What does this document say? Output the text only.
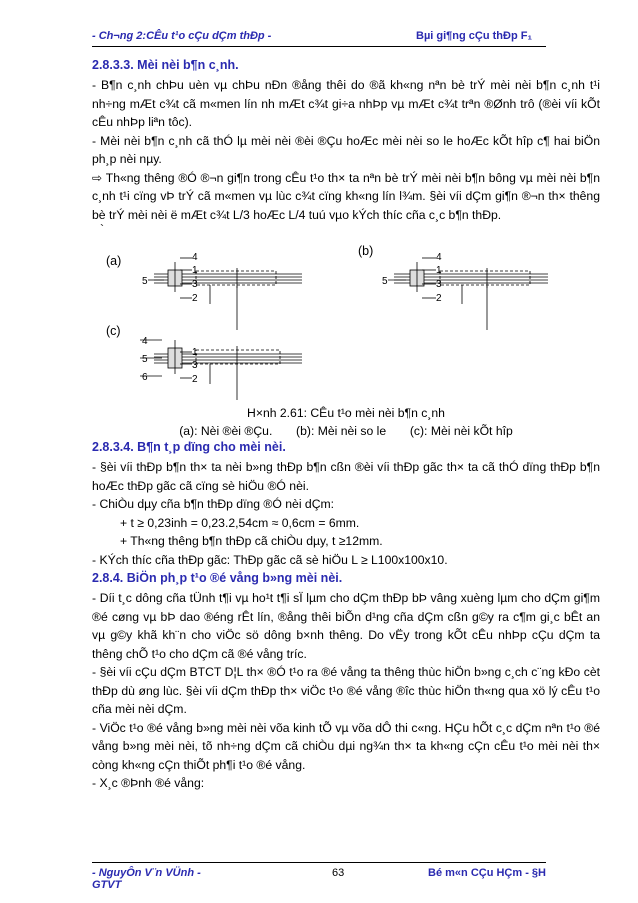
- Ch¬ng 2:CÊu t¹o cÇu dÇm thÐp -	Bµi gi¶ng cÇu thÐp F₁
2.8.3.3. Mèi nèi b¶n c¸nh.

- B¶n c¸nh chÞu uèn vµ chÞu nÐn ®ång thêi do ®ã kh«ng nªn bè trÝ mèi nèi b¶n c¸nh t¹i nh÷ng mÆt c¾t cã m«men lín nh mÆt c¾t gi÷a nhÞp vµ mÆt c¾t trªn ®Ønh trô (®èi víi kÕt cÊu nhÞp liªn tôc).

- Mèi nèi b¶n c¸nh cã thÓ lµ mèi nèi ®èi ®Çu hoÆc mèi nèi so le hoÆc kÕt hîp c¶ hai biÖn ph¸p nèi nµy.

⇨ Th«ng thêng ®Ó ®¬n gi¶n trong cÊu t¹o th× ta nªn bè trÝ mèi nèi b¶n bông vµ mèi nèi b¶n c¸nh t¹i cïng vÞ trÝ cã m«men vµ lùc c¾t cïng kh«ng lín l¾m. §èi víi dÇm gi¶n ®¬n th× thêng bè trÝ mèi nèi ë mÆt c¾t L/3 hoÆc L/4 tuú vµo kÝch thíc cña c¸c b¶n thÐp.

`

(a)
(b)
(c)
4
1
3
2
5
4
1
3
2
5
4
5
6
1
3
2
H×nh 2.61: CÊu t¹o mèi nèi b¶n c¸nh
(a): Nèi ®èi ®Çu.       (b): Mèi nèi so le       (c): Mèi nèi kÕt hîp
2.8.3.4. B¶n t¸p dïng cho mèi nèi.

- §èi víi thÐp b¶n th× ta nèi b»ng thÐp b¶n cßn ®èi víi thÐp gãc th× ta cã thÓ dïng thÐp b¶n hoÆc thÐp gãc cã cïng sè hiÖu ®Ó nèi.

- ChiÒu dµy cña b¶n thÐp dïng ®Ó nèi dÇm:

+ t ≥ 0,23inh = 0,23.2,54cm ≈ 0,6cm = 6mm.

+ Th«ng thêng b¶n thÐp cã chiÒu dµy, t ≥12mm.

- KÝch thíc cña thÐp gãc: ThÐp gãc cã sè hiÖu L ≥ L100x100x10.

2.8.4. BiÖn ph¸p t¹o ®é vång b»ng mèi nèi.

- Díi t¸c dông cña tÜnh t¶i vµ ho¹t t¶i sÏ lµm cho dÇm thÐp bÞ vâng xuèng lµm cho dÇm gi¶m ®é cøng vµ bÞ dao ®éng rÊt lín, ®ång thêi biÕn d¹ng cña dÇm cßn g©y ra c¶m gi¸c bÊt an vµ g©y khã kh¨n cho viÖc sö dông b×nh thêng. Do vËy trong kÕt cÊu nhÞp cÇu dÇm ta thêng chÕ t¹o cho dÇm cã ®é vång tríc.

- §èi víi cÇu dÇm BTCT D¦L th× ®Ó t¹o ra ®é vång ta thêng thùc hiÖn b»ng c¸ch c¨ng kÐo cèt thÐp dù øng lùc. §èi víi dÇm thÐp th× viÖc t¹o ®é vång ®îc thùc hiÖn th«ng qua xö lý cÊu t¹o cña mèi nèi dÇm.

- ViÖc t¹o ®é vång b»ng mèi nèi võa kinh tÕ vµ võa dÔ thi c«ng. HÇu hÕt c¸c dÇm nªn t¹o ®é vång b»ng mèi nèi, tõ nh÷ng dÇm cã chiÒu dµi ng¾n th× ta kh«ng cÇn cÊu t¹o mèi nèi th× còng kh«ng cÇn thiÕt ph¶i t¹o ®é vång.

- X¸c ®Þnh ®é vång:

- NguyÔn V¨n VÜnh -
GTVT
63	Bé m«n CÇu HÇm - §H
